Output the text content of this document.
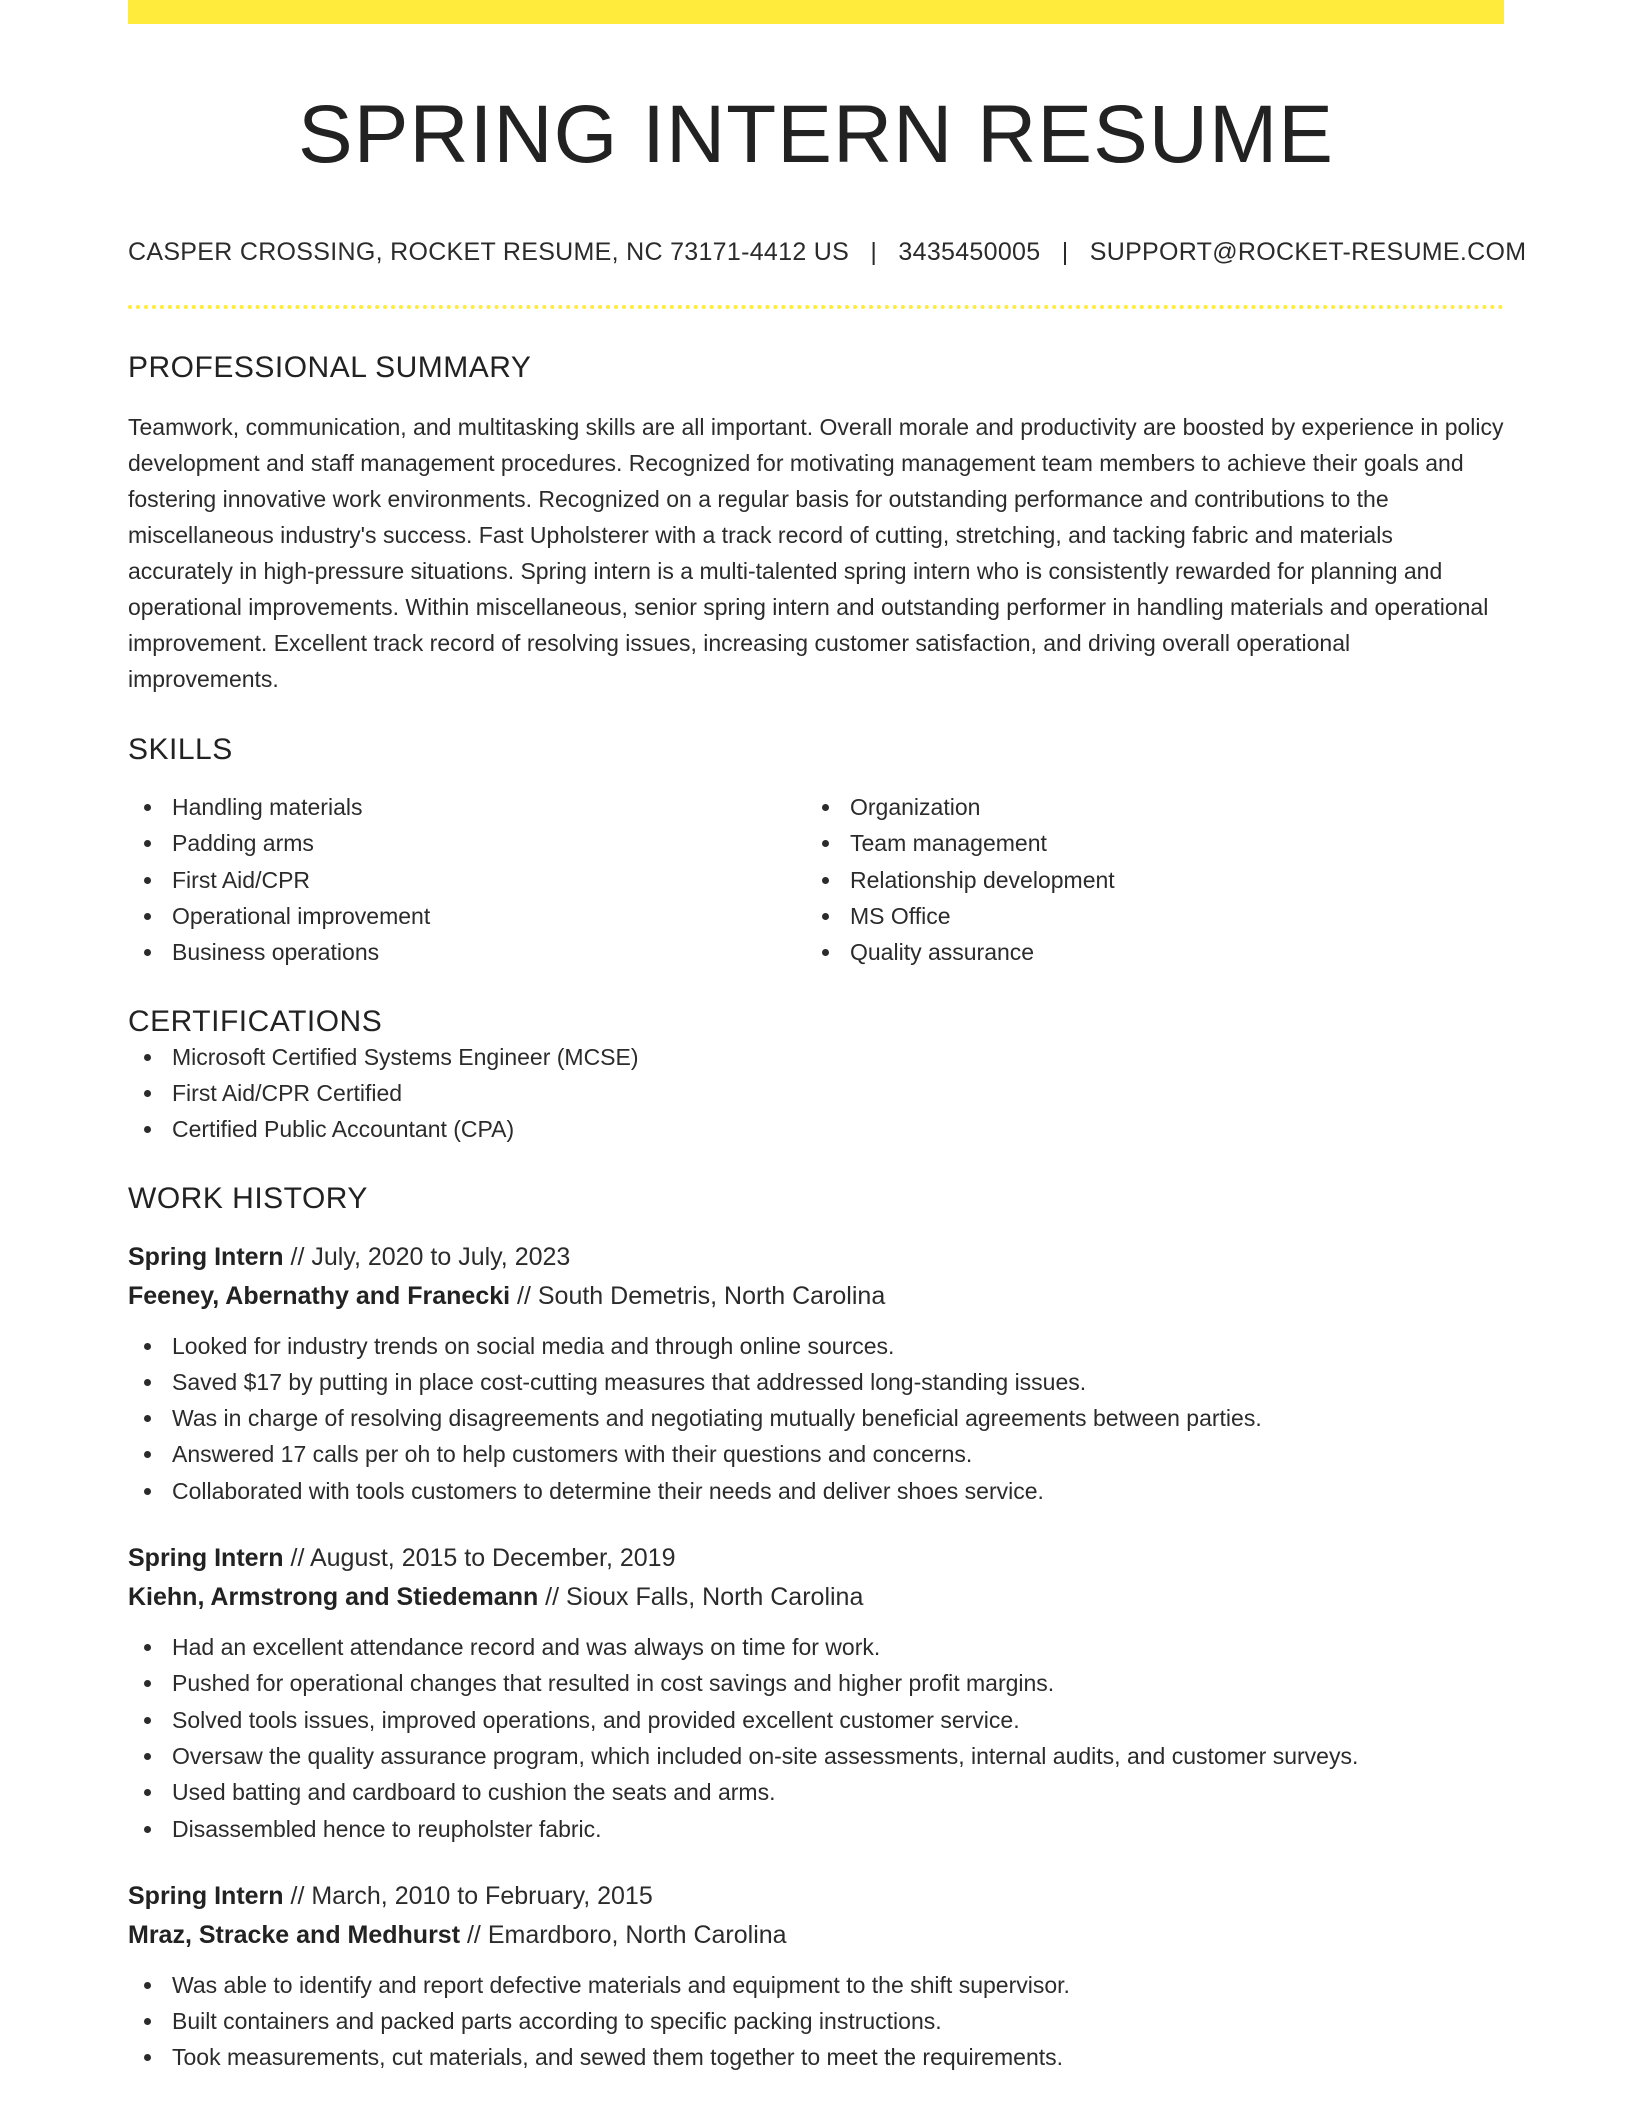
SPRING INTERN RESUME
CASPER CROSSING, ROCKET RESUME, NC 73171-4412 US | 3435450005 | SUPPORT@ROCKET-RESUME.COM
PROFESSIONAL SUMMARY

Teamwork, communication, and multitasking skills are all important. Overall morale and productivity are boosted by experience in policy development and staff management procedures. Recognized for motivating management team members to achieve their goals and fostering innovative work environments. Recognized on a regular basis for outstanding performance and contributions to the miscellaneous industry's success. Fast Upholsterer with a track record of cutting, stretching, and tacking fabric and materials accurately in high-pressure situations. Spring intern is a multi-talented spring intern who is consistently rewarded for planning and operational improvements. Within miscellaneous, senior spring intern and outstanding performer in handling materials and operational improvement. Excellent track record of resolving issues, increasing customer satisfaction, and driving overall operational improvements.

SKILLS
Handling materials
Padding arms
First Aid/CPR
Operational improvement
Business operations
Organization
Team management
Relationship development
MS Office
Quality assurance
CERTIFICATIONS
Microsoft Certified Systems Engineer (MCSE)
First Aid/CPR Certified
Certified Public Accountant (CPA)
WORK HISTORY
Spring Intern // July, 2020 to July, 2023
Feeney, Abernathy and Franecki // South Demetris, North Carolina
Looked for industry trends on social media and through online sources.
Saved $17 by putting in place cost-cutting measures that addressed long-standing issues.
Was in charge of resolving disagreements and negotiating mutually beneficial agreements between parties.
Answered 17 calls per oh to help customers with their questions and concerns.
Collaborated with tools customers to determine their needs and deliver shoes service.
Spring Intern // August, 2015 to December, 2019
Kiehn, Armstrong and Stiedemann // Sioux Falls, North Carolina
Had an excellent attendance record and was always on time for work.
Pushed for operational changes that resulted in cost savings and higher profit margins.
Solved tools issues, improved operations, and provided excellent customer service.
Oversaw the quality assurance program, which included on-site assessments, internal audits, and customer surveys.
Used batting and cardboard to cushion the seats and arms.
Disassembled hence to reupholster fabric.
Spring Intern // March, 2010 to February, 2015
Mraz, Stracke and Medhurst // Emardboro, North Carolina
Was able to identify and report defective materials and equipment to the shift supervisor.
Built containers and packed parts according to specific packing instructions.
Took measurements, cut materials, and sewed them together to meet the requirements.
